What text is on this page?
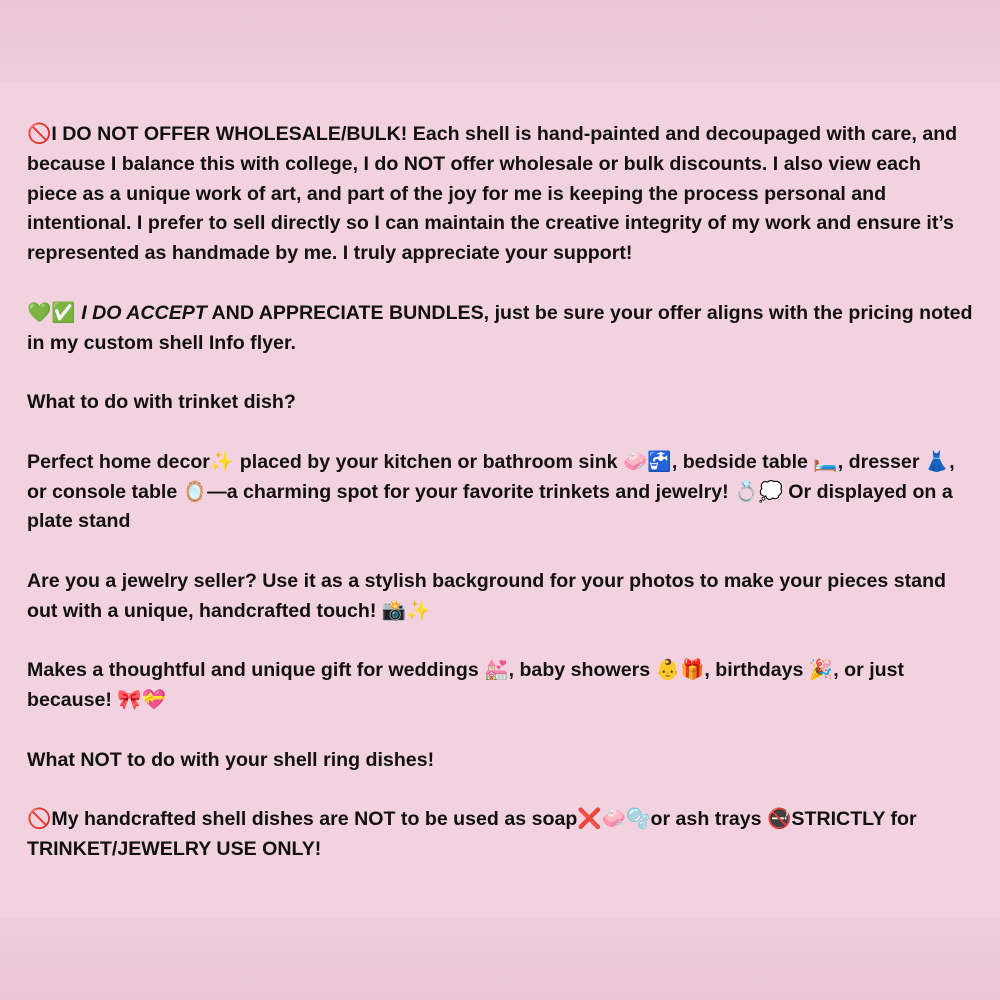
🚫I DO NOT OFFER WHOLESALE/BULK! Each shell is hand-painted and decoupaged with care, and because I balance this with college, I do NOT offer wholesale or bulk discounts. I also view each piece as a unique work of art, and part of the joy for me is keeping the process personal and intentional. I prefer to sell directly so I can maintain the creative integrity of my work and ensure it’s represented as handmade by me. I truly appreciate your support!

💚✅ I DO ACCEPT AND APPRECIATE BUNDLES, just be sure your offer aligns with the pricing noted in my custom shell Info flyer.

What to do with trinket dish?

Perfect home decor✨ placed by your kitchen or bathroom sink 🧼🚰, bedside table 🛏️, dresser 👗, or console table 🪞—a charming spot for your favorite trinkets and jewelry! 💍💭 Or displayed on a plate stand

Are you a jewelry seller? Use it as a stylish background for your photos to make your pieces stand out with a unique, handcrafted touch! 📸✨

Makes a thoughtful and unique gift for weddings 💒, baby showers 👶🎁, birthdays 🎉, or just because! 🎀💝

What NOT to do with your shell ring dishes!

🚫My handcrafted shell dishes are NOT to be used as soap❌🧼🫧or ash trays 🚭STRICTLY for TRINKET/JEWELRY USE ONLY!
